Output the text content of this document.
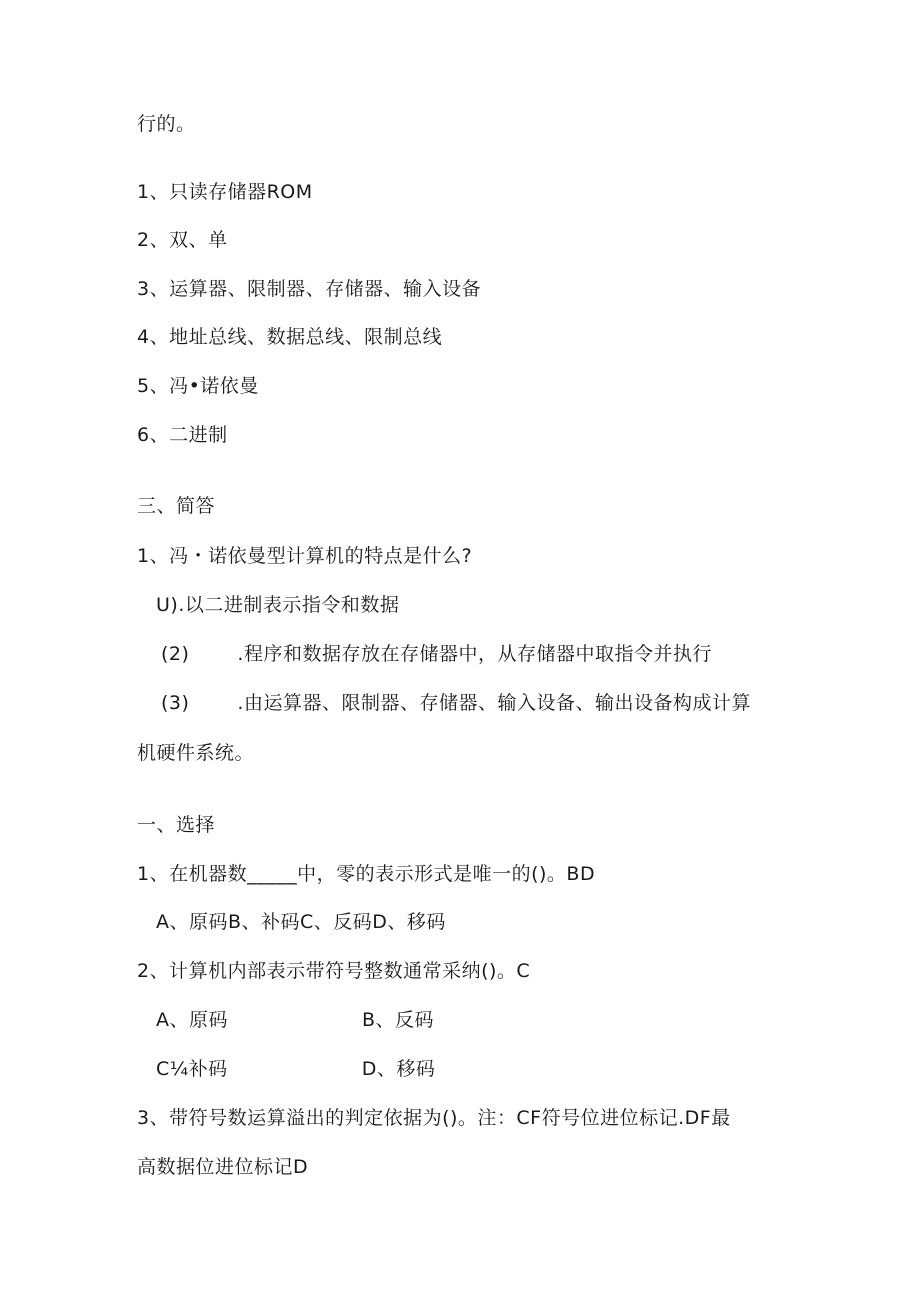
行的。
1、只读存储器ROM
2、双、单
3、运算器、限制器、存储器、输入设备
4、地址总线、数据总线、限制总线
5、冯•诺依曼
6、二进制
三、简答
1、冯・诺依曼型计算机的特点是什么?
U).以二进制表示指令和数据
(2)	.程序和数据存放在存储器中，从存储器中取指令并执行
(3)	.由运算器、限制器、存储器、输入设备、输出设备构成计算
机硬件系统。
一、选择
1、在机器数_____中，零的表示形式是唯一的()。BD
A、原码B、补码C、反码D、移码
2、计算机内部表示带符号整数通常采纳()。C
A、原码	B、反码
C¼补码	D、移码
3、带符号数运算溢出的判定依据为()。注：CF符号位进位标记.DF最
高数据位进位标记D
